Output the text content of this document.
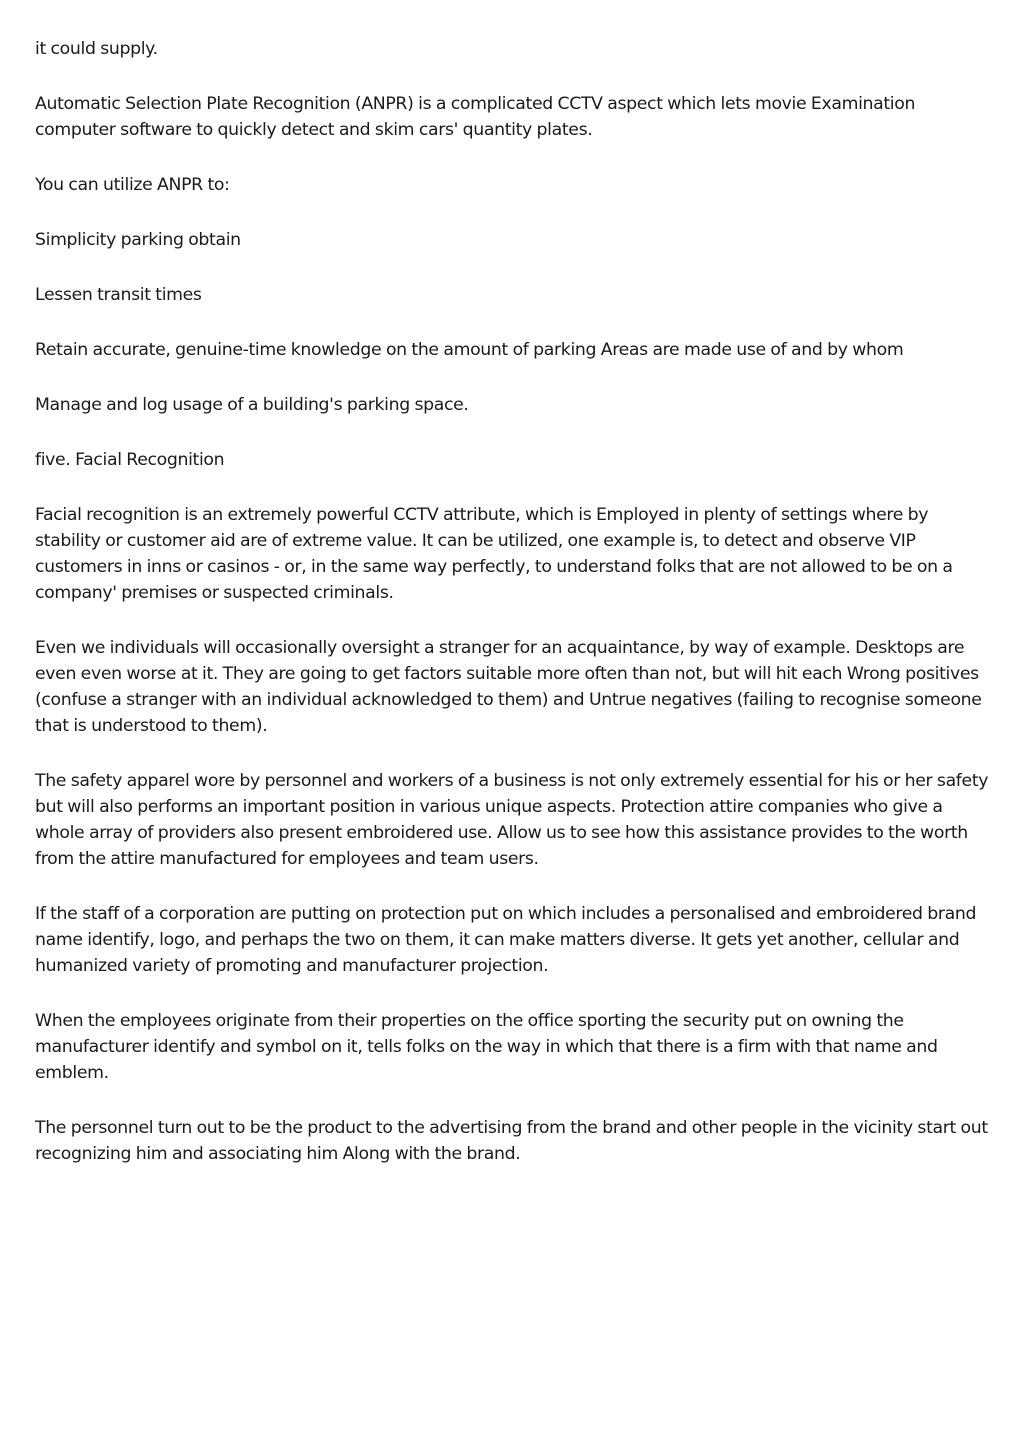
it could supply.

Automatic Selection Plate Recognition (ANPR) is a complicated CCTV aspect which lets movie Examination computer software to quickly detect and skim cars' quantity plates.

You can utilize ANPR to:

Simplicity parking obtain

Lessen transit times

Retain accurate, genuine-time knowledge on the amount of parking Areas are made use of and by whom

Manage and log usage of a building's parking space.

five. Facial Recognition

Facial recognition is an extremely powerful CCTV attribute, which is Employed in plenty of settings where by stability or customer aid are of extreme value. It can be utilized, one example is, to detect and observe VIP customers in inns or casinos - or, in the same way perfectly, to understand folks that are not allowed to be on a company' premises or suspected criminals.

Even we individuals will occasionally oversight a stranger for an acquaintance, by way of example. Desktops are even even worse at it. They are going to get factors suitable more often than not, but will hit each Wrong positives (confuse a stranger with an individual acknowledged to them) and Untrue negatives (failing to recognise someone that is understood to them).

The safety apparel wore by personnel and workers of a business is not only extremely essential for his or her safety but will also performs an important position in various unique aspects. Protection attire companies who give a whole array of providers also present embroidered use. Allow us to see how this assistance provides to the worth from the attire manufactured for employees and team users.

If the staff of a corporation are putting on protection put on which includes a personalised and embroidered brand name identify, logo, and perhaps the two on them, it can make matters diverse. It gets yet another, cellular and humanized variety of promoting and manufacturer projection.

When the employees originate from their properties on the office sporting the security put on owning the manufacturer identify and symbol on it, tells folks on the way in which that there is a firm with that name and emblem.

The personnel turn out to be the product to the advertising from the brand and other people in the vicinity start out recognizing him and associating him Along with the brand.
